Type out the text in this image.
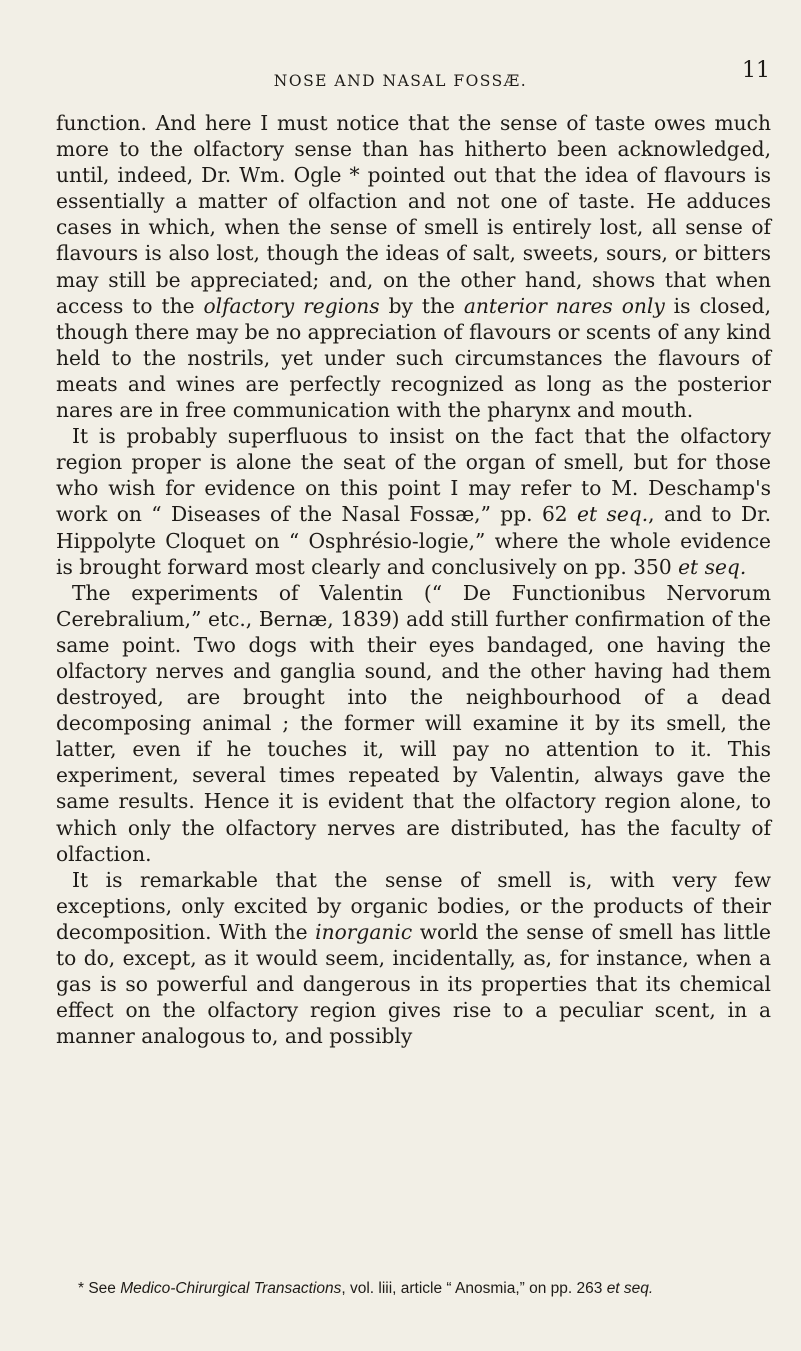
NOSE AND NASAL FOSSÆ.	11

function. And here I must notice that the sense of taste owes much more to the olfactory sense than has hitherto been acknowledged, until, indeed, Dr. Wm. Ogle * pointed out that the idea of flavours is essentially a matter of olfaction and not one of taste. He adduces cases in which, when the sense of smell is entirely lost, all sense of flavours is also lost, though the ideas of salt, sweets, sours, or bitters may still be appreciated; and, on the other hand, shows that when access to the olfactory regions by the anterior nares only is closed, though there may be no appreciation of flavours or scents of any kind held to the nostrils, yet under such circumstances the flavours of meats and wines are perfectly recognized as long as the posterior nares are in free communication with the pharynx and mouth.

It is probably superfluous to insist on the fact that the olfactory region proper is alone the seat of the organ of smell, but for those who wish for evidence on this point I may refer to M. Deschamp's work on “ Diseases of the Nasal Fossæ,” pp. 62 et seq., and to Dr. Hippolyte Cloquet on “ Osphrésio-logie,” where the whole evidence is brought forward most clearly and conclusively on pp. 350 et seq.

The experiments of Valentin (“ De Functionibus Nervorum Cerebralium,” etc., Bernæ, 1839) add still further confirmation of the same point. Two dogs with their eyes bandaged, one having the olfactory nerves and ganglia sound, and the other having had them destroyed, are brought into the neighbourhood of a dead decomposing animal ; the former will examine it by its smell, the latter, even if he touches it, will pay no attention to it. This experiment, several times repeated by Valentin, always gave the same results. Hence it is evident that the olfactory region alone, to which only the olfactory nerves are distributed, has the faculty of olfaction.

It is remarkable that the sense of smell is, with very few exceptions, only excited by organic bodies, or the products of their decomposition. With the inorganic world the sense of smell has little to do, except, as it would seem, incidentally, as, for instance, when a gas is so powerful and dangerous in its properties that its chemical effect on the olfactory region gives rise to a peculiar scent, in a manner analogous to, and possibly

* See Medico-Chirurgical Transactions, vol. liii, article “ Anosmia,” on pp. 263 et seq.
